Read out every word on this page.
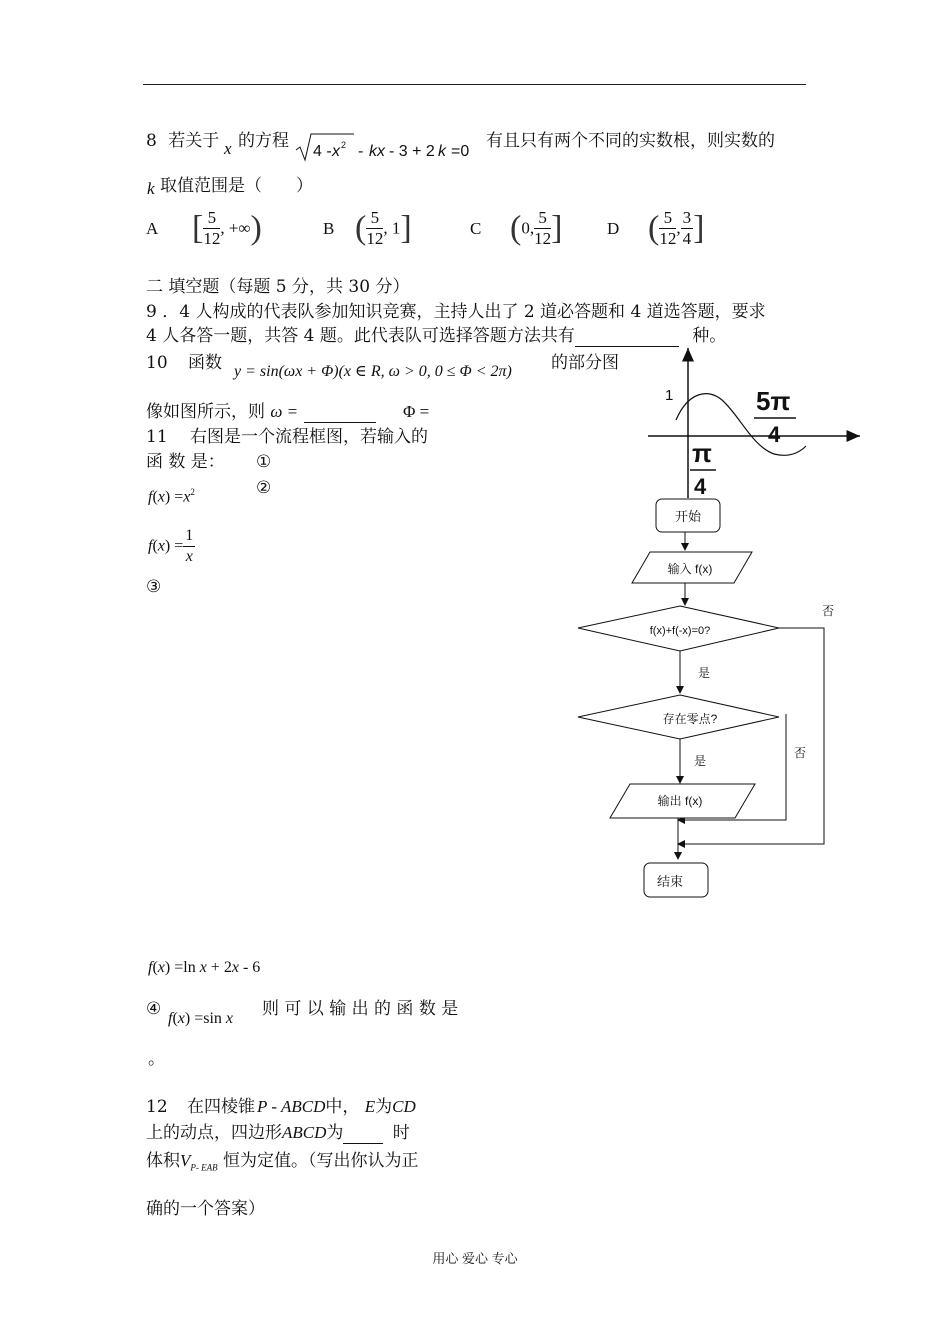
8 若关于 x 的方程
4 - x 2 - kx - 3 + 2 k =0
有且只有两个不同的实数根，则实数的
k 取值范围是（　　）
A [ $\frac{5}{12}$ , +∞)	B ( $\frac{5}{12}$ , 1]	C (0, $\frac{5}{12}$ ]	D ( $\frac{5}{12}$ , $\frac{3}{4}$ ]
二 填空题（每题 5 分，共 30 分）
9 ．4 人构成的代表队参加知识竞赛，主持人出了 2 道必答题和 4 道选答题，要求
4 人各答一题，共答 4 题。此代表队可选择答题方法共有	种。
10 函数 y = sin(ωx + Φ)(x ∈ R, ω > 0, 0 ≤ Φ < 2π) 的部分图
像如图所示，则 ω =	Φ =
11　 右图是一个流程框图，若输入的
函 数 是： ①
②
$f(x) =x^2$
$f(x) = \frac{1}{x}$
③
f(x) =ln x + 2x - 6
④ f(x) =sin x 则 可 以 输 出 的 函 数 是
。
12 在四棱锥 P - ABCD中， E为CD
上的动点，四边形ABCD为	时
体积$V_{P- EAB}$ 恒为定值。（写出你认为正
确的一个答案）
1	5π
4
π
4
开始
输入 f(x)
f(x)+f(-x)=0?
是
否
存在零点?
是
否
输出 f(x)
结束
用心 爱心 专心
